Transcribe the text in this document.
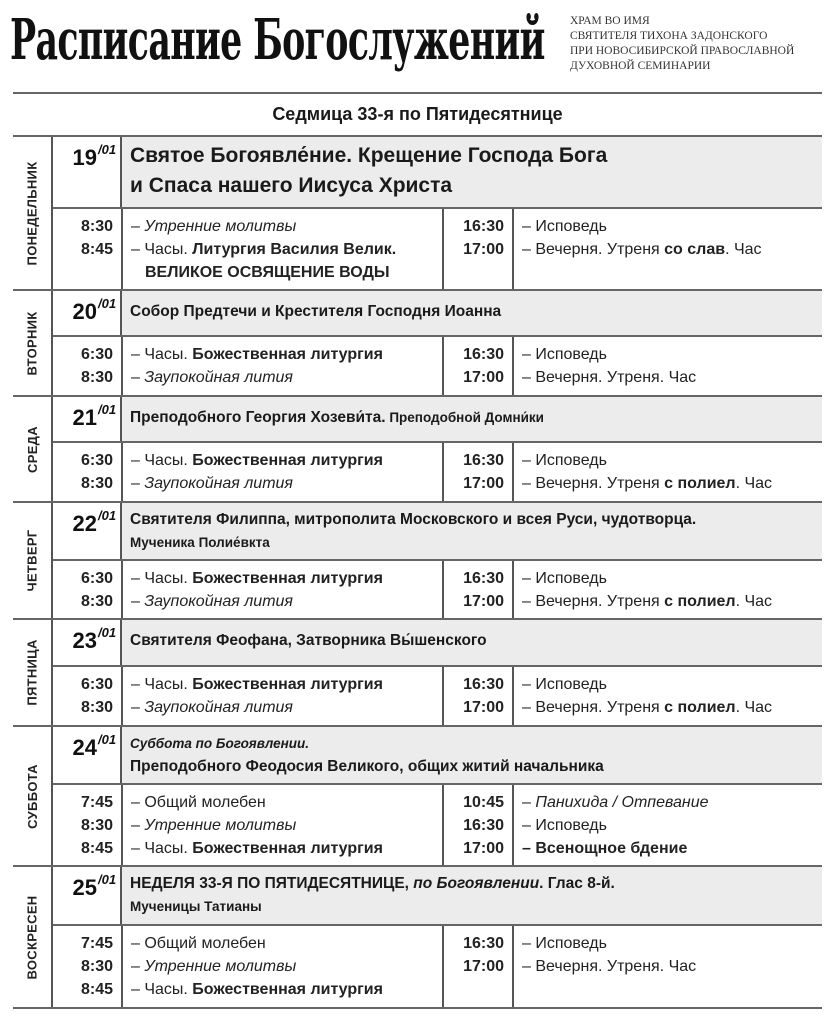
Расписание Богослужений ХРАМ ВО ИМЯ
СВЯТИТЕЛЯ ТИХОНА ЗАДОНСКОГО
ПРИ НОВОСИБИРСКОЙ ПРАВОСЛАВНОЙ
ДУХОВНОЙ СЕМИНАРИИ
Седмица 33-я по Пятидесятнице
ПОНЕДЕЛЬНИК
19 /01 Святое Богоявле́ние. Крещение Господа Бога
и Спаса нашего Иисуса Христа
8:30
8:45
– Утренние молитвы
– Часы. Литургия Василия Велик.
ВЕЛИКОЕ ОСВЯЩЕНИЕ ВОДЫ
16:30
17:00
– Исповедь
– Вечерня. Утреня со слав. Час
ВТОРНИК 20 /01 Собор Предтечи и Крестителя Господня Иоанна
6:30
8:30
– Часы. Божественная литургия
– Заупокойная лития
16:30
17:00
– Исповедь
– Вечерня. Утреня. Час
СРЕДА
21 /01 Преподобного Георгия Хозеви́та. Преподобной Домни́ки
6:30
8:30
– Часы. Божественная литургия
– Заупокойная лития
16:30
17:00
– Исповедь
– Вечерня. Утреня с полиел. Час
ЧЕТВЕРГ
22 /01 Святителя Филиппа, митрополита Московского и всея Руси, чудотворца.
Мученика Полие́вкта
6:30
8:30
– Часы. Божественная литургия
– Заупокойная лития
16:30
17:00
– Исповедь
– Вечерня. Утреня с полиел. Час
ПЯТНИЦА 23 /01 Святителя Феофана, Затворника Вы́шенского
6:30
8:30
– Часы. Божественная литургия
– Заупокойная лития
16:30
17:00
– Исповедь
– Вечерня. Утреня с полиел. Час
СУББОТА
24 /01 Суббота по Богоявлении.
Преподобного Феодосия Великого, общих житий начальника
7:45
8:30
8:45
– Общий молебен
– Утренние молитвы
– Часы. Божественная литургия
10:45
16:30
17:00
– Панихида / Отпевание
– Исповедь
– Всенощное бдение
ВОСКРЕСЕН
25 /01 НЕДЕЛЯ 33-Я ПО ПЯТИДЕСЯТНИЦЕ, по Богоявлении. Глас 8-й.
Мученицы Татианы
7:45
8:30
8:45
– Общий молебен
– Утренние молитвы
– Часы. Божественная литургия
16:30
17:00
– Исповедь
– Вечерня. Утреня. Час
